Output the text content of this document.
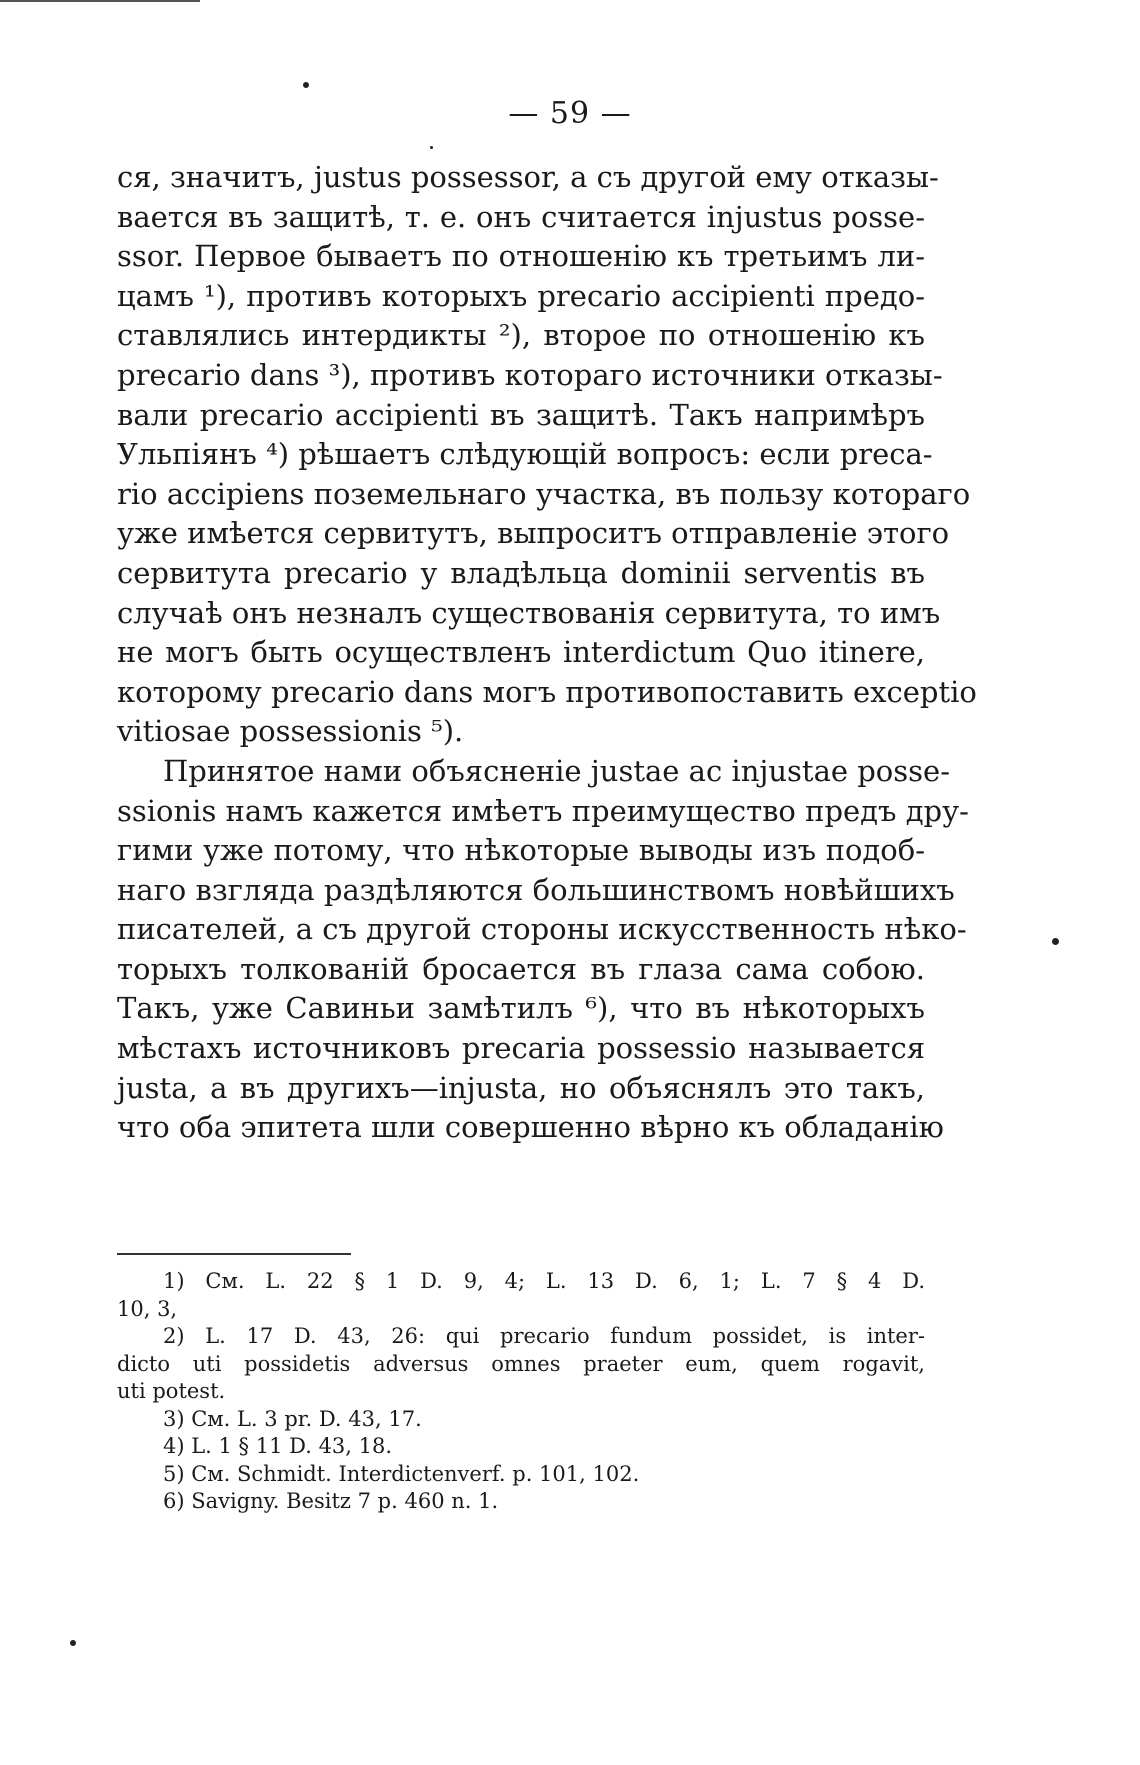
— 59 —
ся, значитъ, justus possessor, а съ другой ему отказы-
вается въ защитѣ, т. е. онъ считается injustus posse-
ssor. Первое бываетъ по отношенію къ третьимъ ли-
цамъ ¹), противъ которыхъ precario accipienti предо-
ставлялись интердикты ²), второе по отношенію къ
precario dans ³), противъ котораго источники отказы-
вали precario accipienti въ защитѣ. Такъ напримѣръ
Ульпіянъ ⁴) рѣшаетъ слѣдующій вопросъ: если preca-
rio accipiens поземельнаго участка, въ пользу котораго
уже имѣется сервитутъ, выпроситъ отправленіе этого
сервитута precario у владѣльца dominii serventis въ
случаѣ онъ незналъ существованія сервитута, то имъ
не могъ быть осуществленъ interdictum Quo itinere,
которому precario dans могъ противопоставить exceptio
vitiosae possessionis ⁵).
Принятое нами объясненіе justae ac injustae posse-
ssionis намъ кажется имѣетъ преимущество предъ дру-
гими уже потому, что нѣкоторые выводы изъ подоб-
наго взгляда раздѣляются большинствомъ новѣйшихъ
писателей, а съ другой стороны искусственность нѣко-
торыхъ толкованій бросается въ глаза сама собою.
Такъ, уже Савиньи замѣтилъ ⁶), что въ нѣкоторыхъ
мѣстахъ источниковъ precaria possessio называется
justa, а въ другихъ—injusta, но объяснялъ это такъ,
что оба эпитета шли совершенно вѣрно къ обладанію
1) См. L. 22 § 1 D. 9, 4; L. 13 D. 6, 1; L. 7 § 4 D.
10, 3,
2) L. 17 D. 43, 26: qui precario fundum possidet, is inter-
dicto uti possidetis adversus omnes praeter eum, quem rogavit,
uti potest.
3) См. L. 3 pr. D. 43, 17.
4) L. 1 § 11 D. 43, 18.
5) См. Schmidt. Interdictenverf. p. 101, 102.
6) Savigny. Besitz 7 p. 460 n. 1.
